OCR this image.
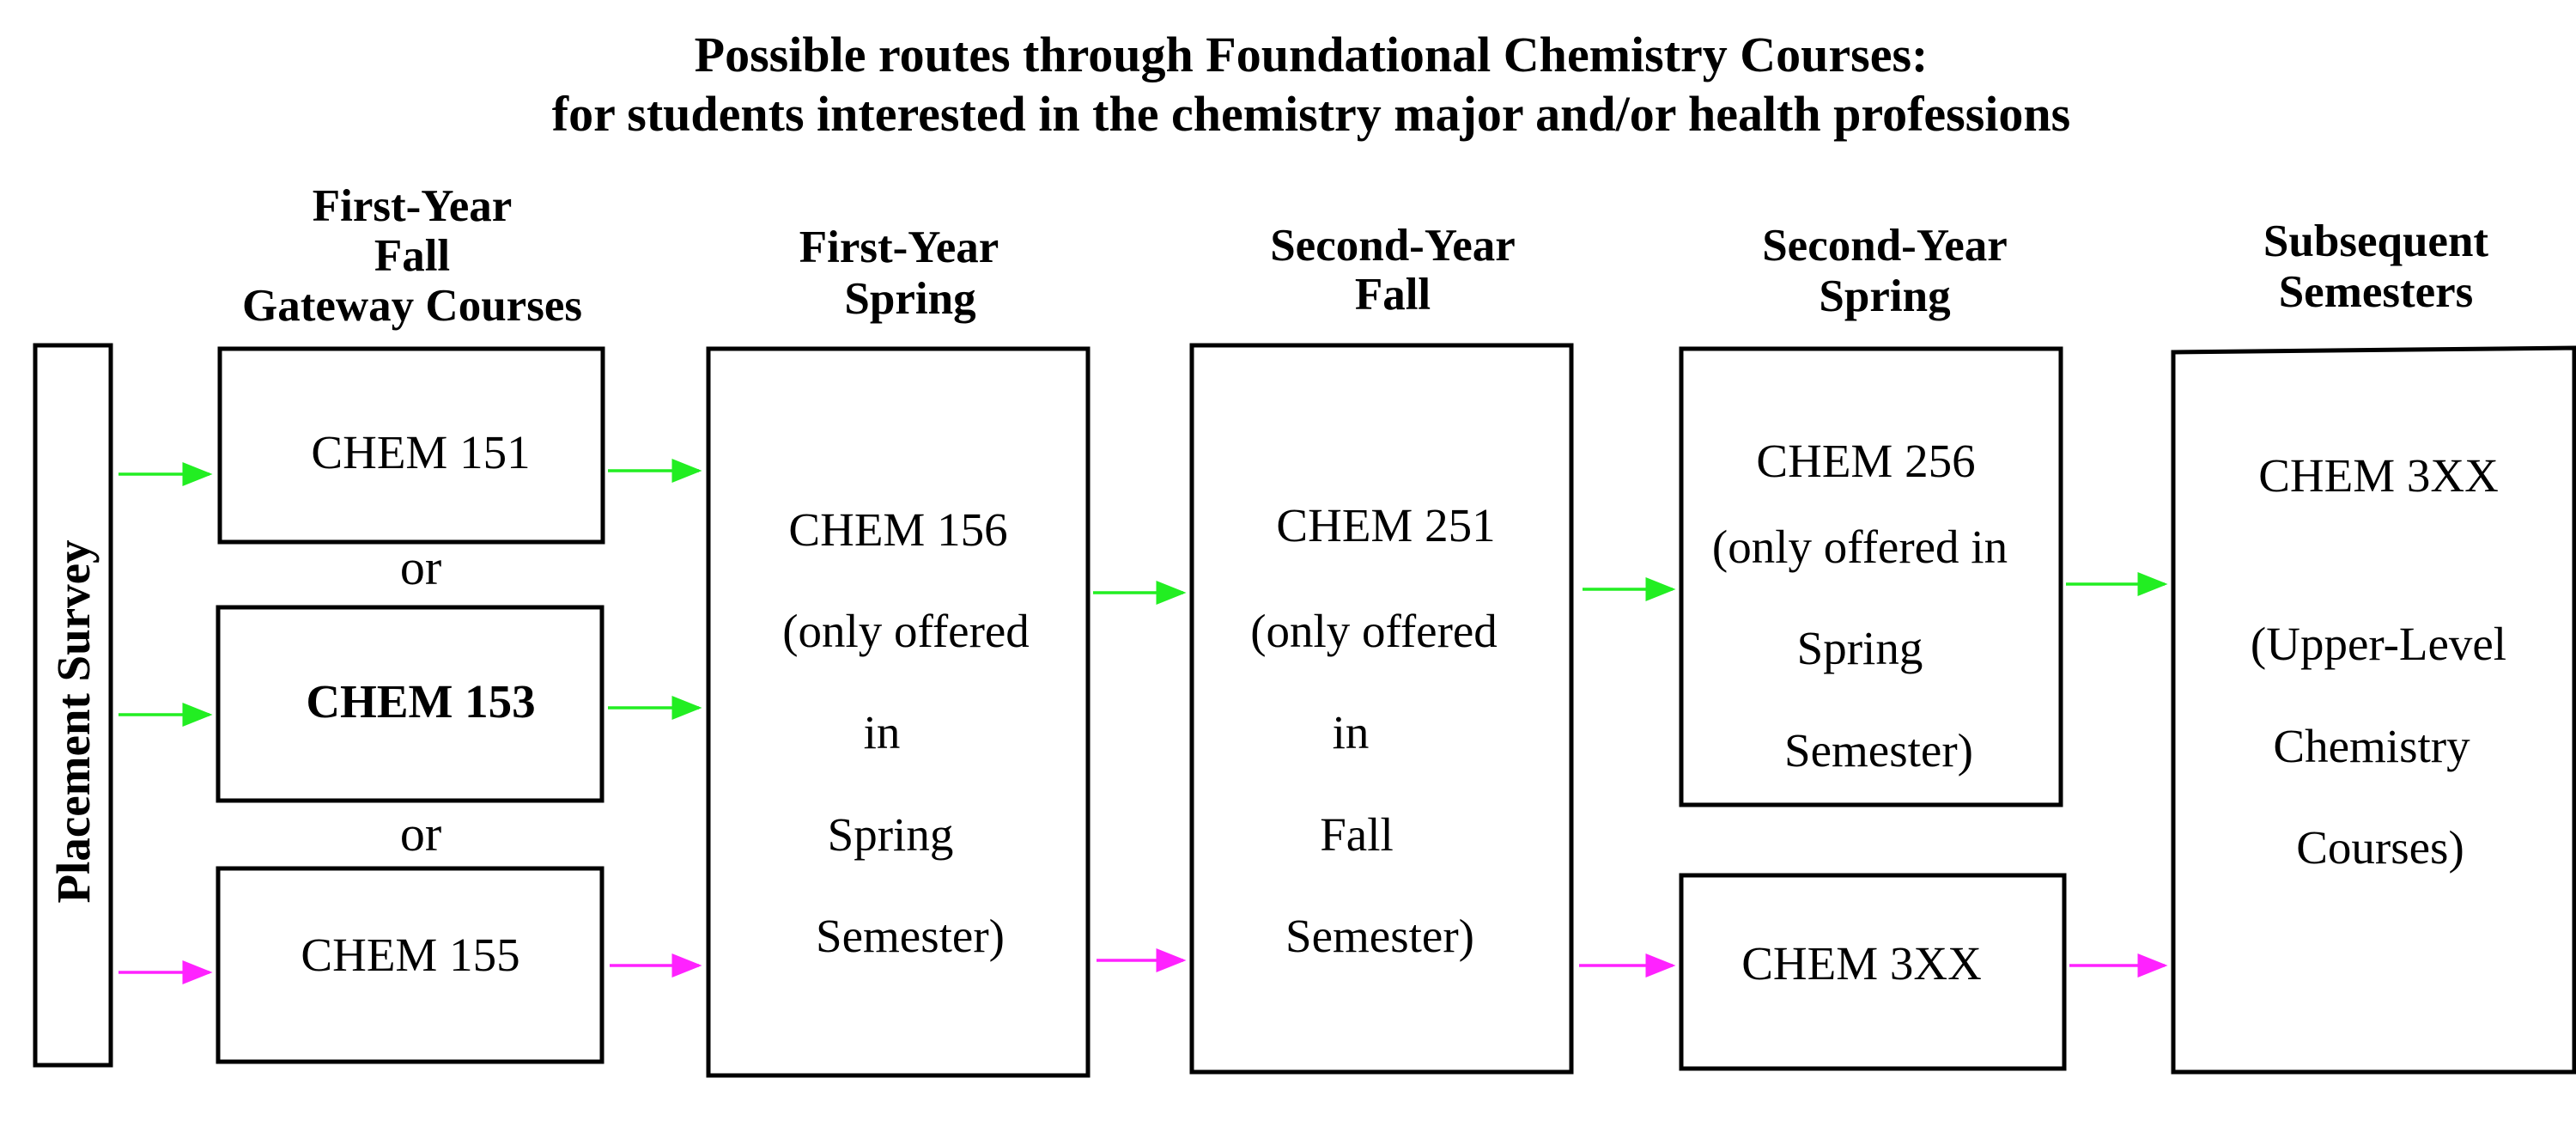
Possible routes through Foundational Chemistry Courses:
for students interested in the chemistry major and/or health professions
First-Year
Fall
Gateway Courses
First-Year
Spring
Second-Year
Fall
Second-Year
Spring
Subsequent
Semesters
Placement Survey
CHEM 151
or
CHEM 153
or
CHEM 155
CHEM 156
(only offered
in
Spring
Semester)
CHEM 251
(only offered
in
Fall
Semester)
CHEM 256
(only offered in
Spring
Semester)
CHEM 3XX
CHEM 3XX
(Upper-Level
Chemistry
Courses)
